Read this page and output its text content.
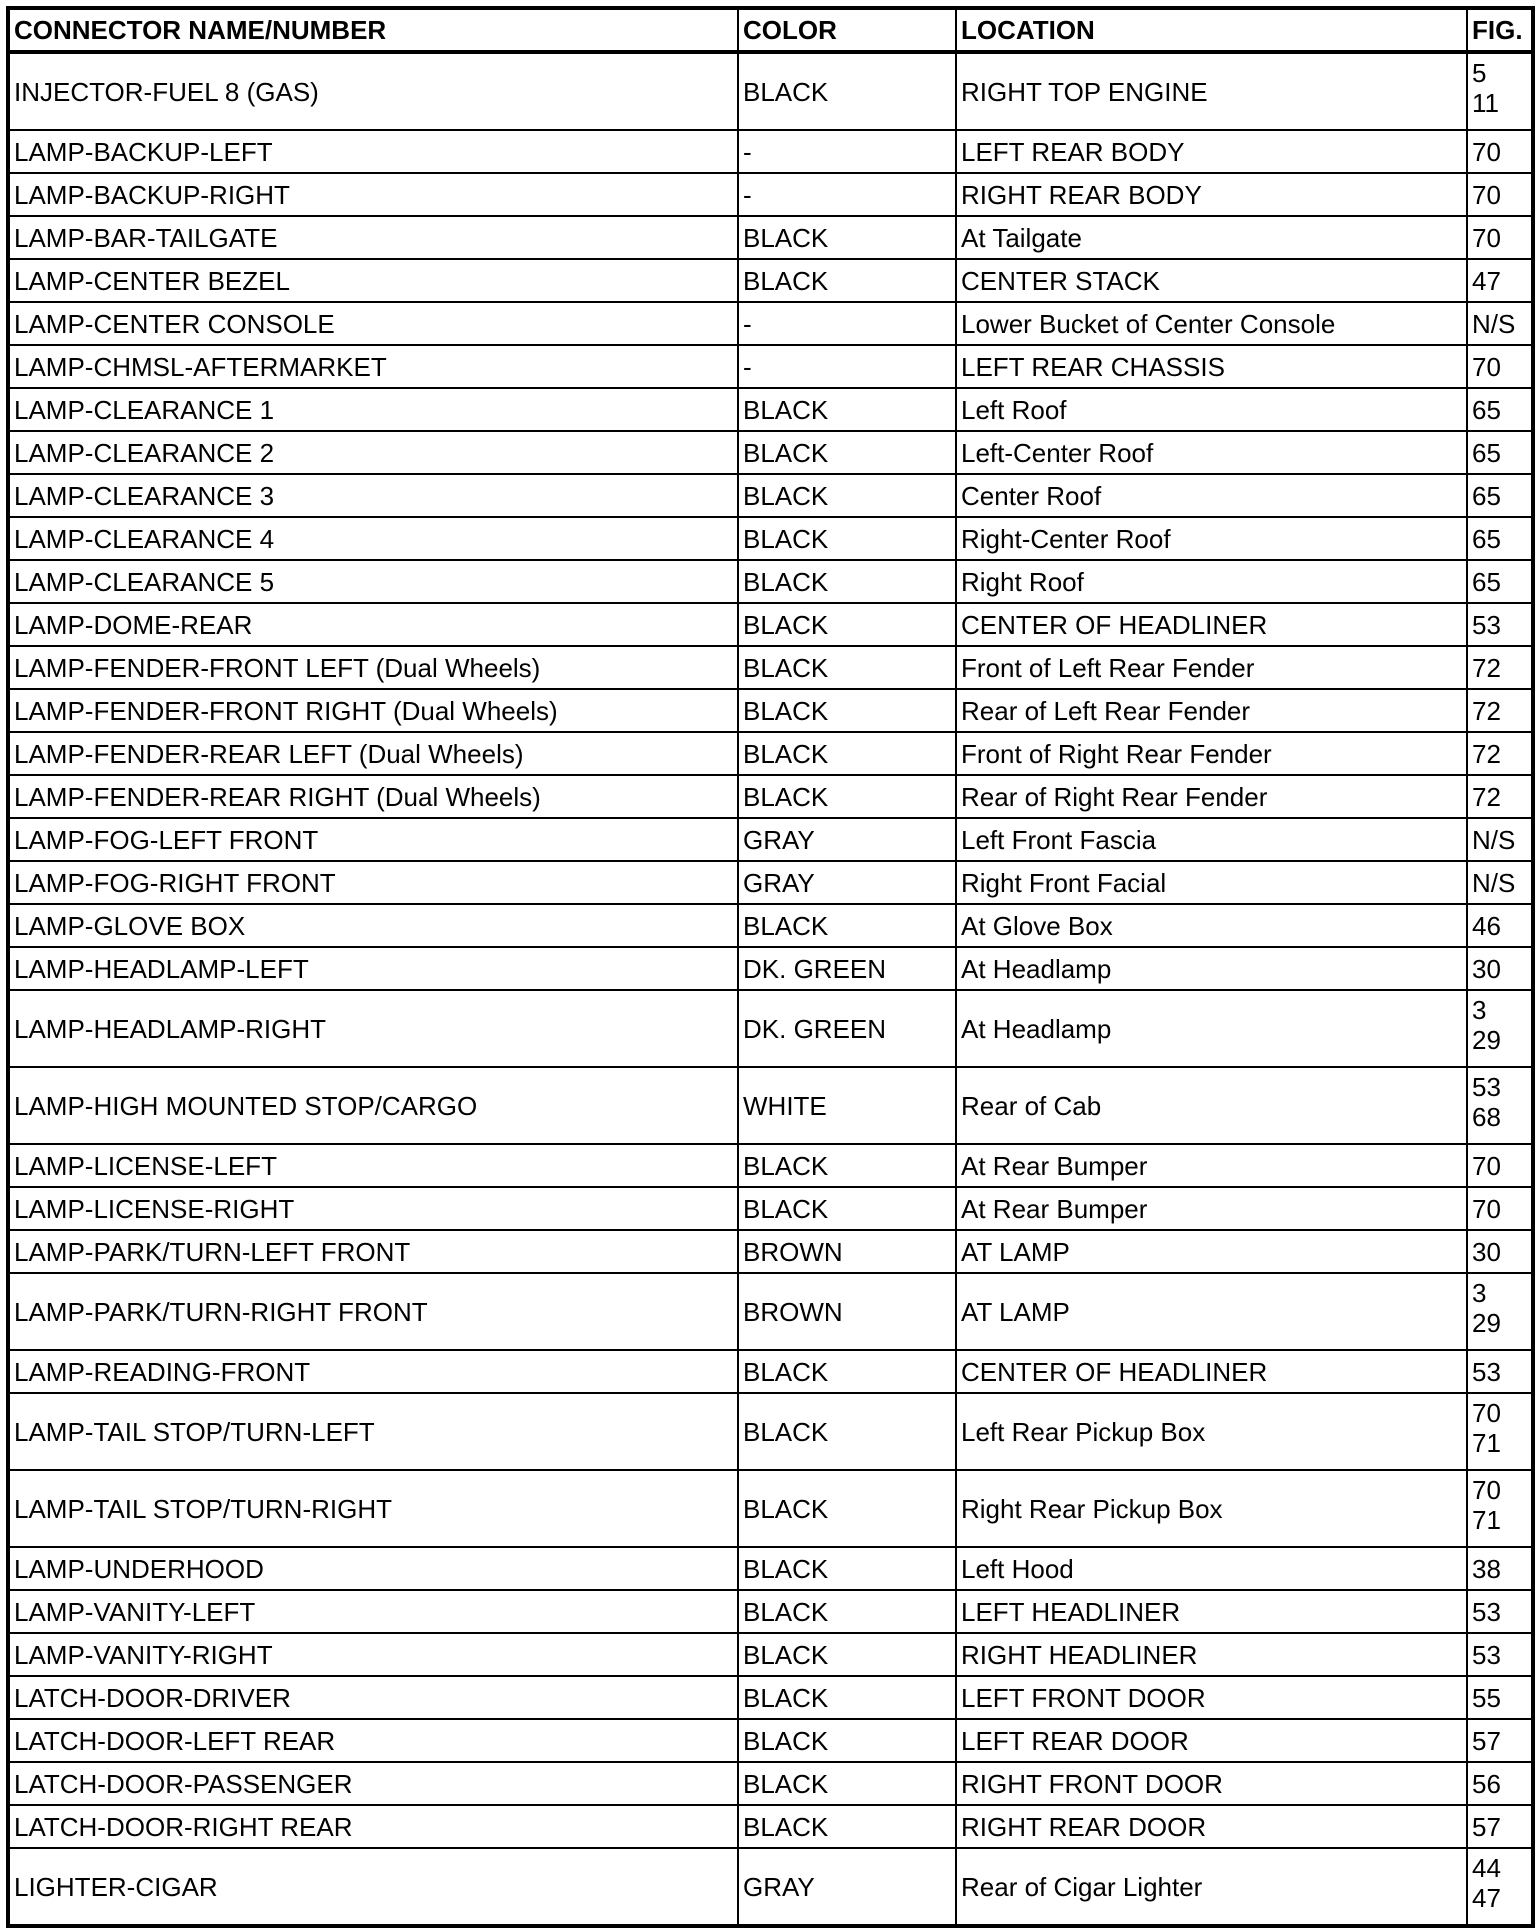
CONNECTOR NAME/NUMBER	COLOR	LOCATION	FIG.
INJECTOR-FUEL 8 (GAS)	BLACK	RIGHT TOP ENGINE	5
11

LAMP-BACKUP-LEFT	-	LEFT REAR BODY	70

LAMP-BACKUP-RIGHT	-	RIGHT REAR BODY	70

LAMP-BAR-TAILGATE	BLACK	At Tailgate	70

LAMP-CENTER BEZEL	BLACK	CENTER STACK	47

LAMP-CENTER CONSOLE	-	Lower Bucket of Center Console	N/S

LAMP-CHMSL-AFTERMARKET	-	LEFT REAR CHASSIS	70

LAMP-CLEARANCE 1	BLACK	Left Roof	65

LAMP-CLEARANCE 2	BLACK	Left-Center Roof	65

LAMP-CLEARANCE 3	BLACK	Center Roof	65

LAMP-CLEARANCE 4	BLACK	Right-Center Roof	65

LAMP-CLEARANCE 5	BLACK	Right Roof	65

LAMP-DOME-REAR	BLACK	CENTER OF HEADLINER	53

LAMP-FENDER-FRONT LEFT (Dual Wheels)	BLACK	Front of Left Rear Fender	72

LAMP-FENDER-FRONT RIGHT (Dual Wheels)	BLACK	Rear of Left Rear Fender	72

LAMP-FENDER-REAR LEFT (Dual Wheels)	BLACK	Front of Right Rear Fender	72

LAMP-FENDER-REAR RIGHT (Dual Wheels)	BLACK	Rear of Right Rear Fender	72

LAMP-FOG-LEFT FRONT	GRAY	Left Front Fascia	N/S

LAMP-FOG-RIGHT FRONT	GRAY	Right Front Facial	N/S

LAMP-GLOVE BOX	BLACK	At Glove Box	46

LAMP-HEADLAMP-LEFT	DK. GREEN	At Headlamp	30

LAMP-HEADLAMP-RIGHT	DK. GREEN	At Headlamp	3
29

LAMP-HIGH MOUNTED STOP/CARGO	WHITE	Rear of Cab	53
68

LAMP-LICENSE-LEFT	BLACK	At Rear Bumper	70

LAMP-LICENSE-RIGHT	BLACK	At Rear Bumper	70

LAMP-PARK/TURN-LEFT FRONT	BROWN	AT LAMP	30

LAMP-PARK/TURN-RIGHT FRONT	BROWN	AT LAMP	3
29

LAMP-READING-FRONT	BLACK	CENTER OF HEADLINER	53

LAMP-TAIL STOP/TURN-LEFT	BLACK	Left Rear Pickup Box	70
71

LAMP-TAIL STOP/TURN-RIGHT	BLACK	Right Rear Pickup Box	70
71

LAMP-UNDERHOOD	BLACK	Left Hood	38

LAMP-VANITY-LEFT	BLACK	LEFT HEADLINER	53

LAMP-VANITY-RIGHT	BLACK	RIGHT HEADLINER	53

LATCH-DOOR-DRIVER	BLACK	LEFT FRONT DOOR	55

LATCH-DOOR-LEFT REAR	BLACK	LEFT REAR DOOR	57

LATCH-DOOR-PASSENGER	BLACK	RIGHT FRONT DOOR	56

LATCH-DOOR-RIGHT REAR	BLACK	RIGHT REAR DOOR	57

LIGHTER-CIGAR	GRAY	Rear of Cigar Lighter	44
47
